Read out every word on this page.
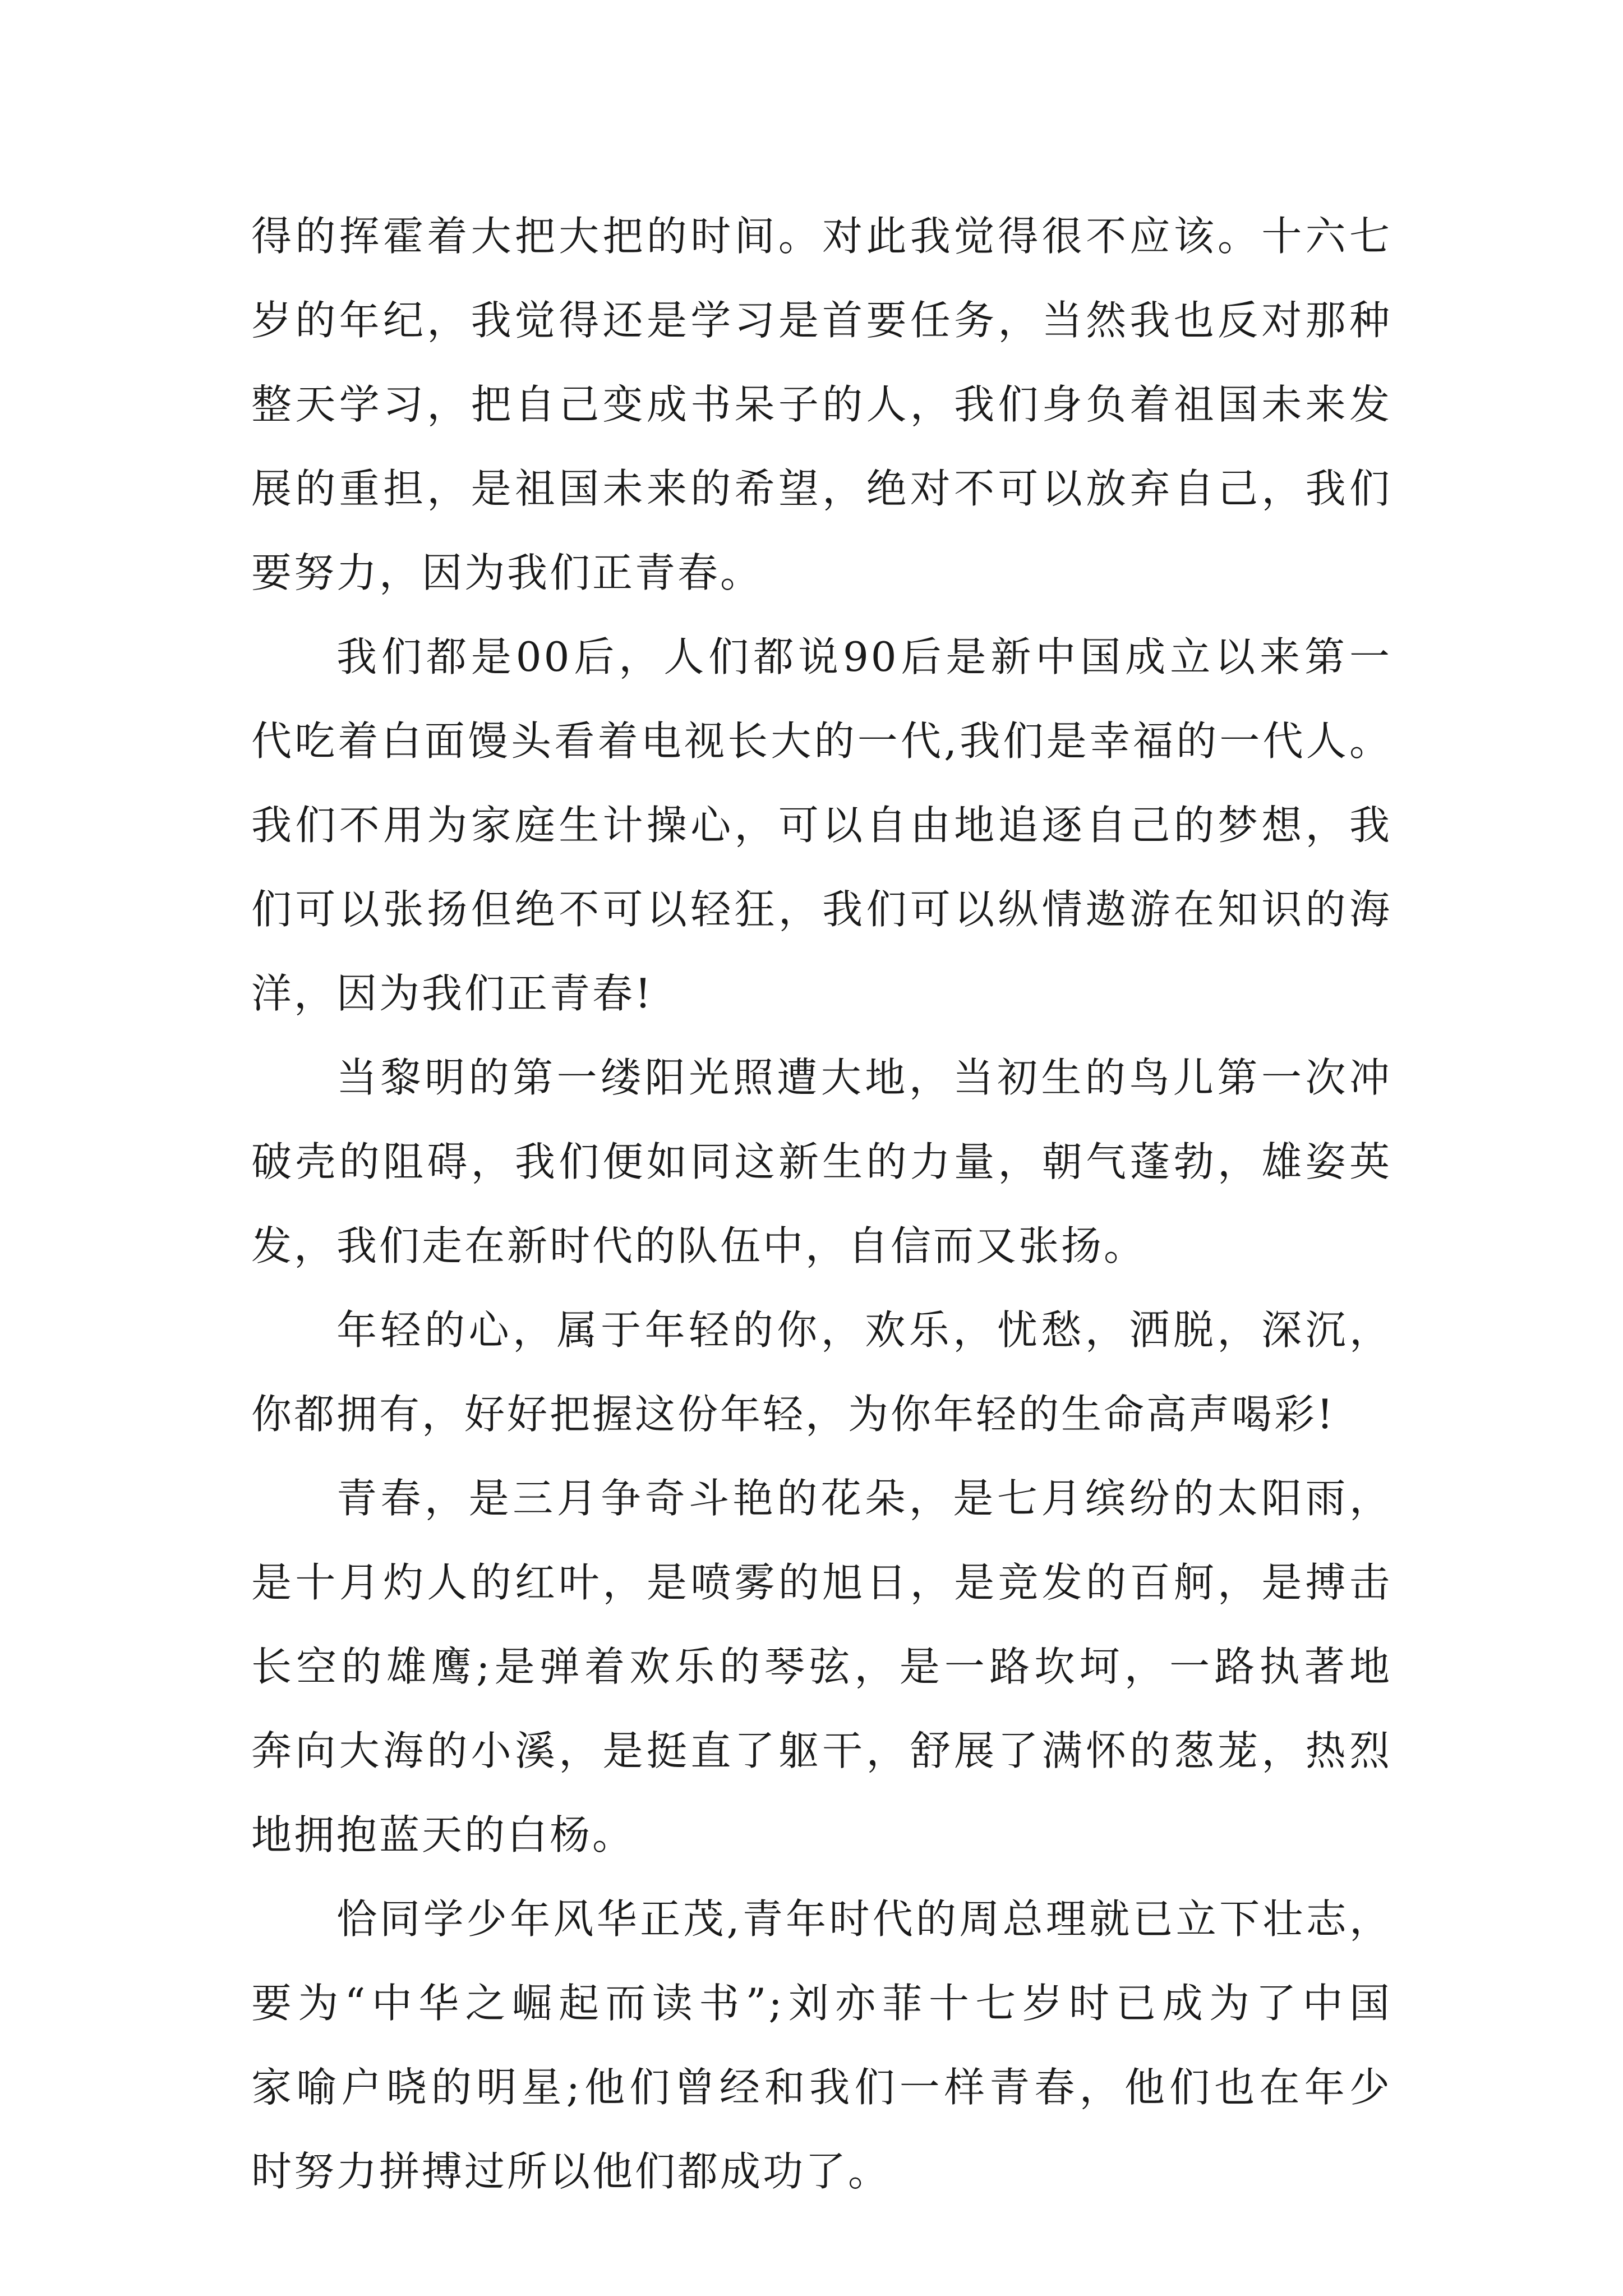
得的挥霍着大把大把的时间。对此我觉得很不应该。十六七
岁的年纪，我觉得还是学习是首要任务，当然我也反对那种
整天学习，把自己变成书呆子的人，我们身负着祖国未来发
展的重担，是祖国未来的希望，绝对不可以放弃自己，我们
要努力，因为我们正青春。
我们都是00后，人们都说90后是新中国成立以来第一
代吃着白面馒头看着电视长大的一代,我们是幸福的一代人。
我们不用为家庭生计操心，可以自由地追逐自己的梦想，我
们可以张扬但绝不可以轻狂，我们可以纵情遨游在知识的海
洋，因为我们正青春!
当黎明的第一缕阳光照遭大地，当初生的鸟儿第一次冲
破壳的阻碍，我们便如同这新生的力量，朝气蓬勃，雄姿英
发，我们走在新时代的队伍中，自信而又张扬。
年轻的心，属于年轻的你，欢乐，忧愁，洒脱，深沉，
你都拥有，好好把握这份年轻，为你年轻的生命高声喝彩!
青春，是三月争奇斗艳的花朵，是七月缤纷的太阳雨，
是十月灼人的红叶，是喷雾的旭日，是竞发的百舸，是搏击
长空的雄鹰;是弹着欢乐的琴弦，是一路坎坷，一路执著地
奔向大海的小溪，是挺直了躯干，舒展了满怀的葱茏，热烈
地拥抱蓝天的白杨。
恰同学少年风华正茂,青年时代的周总理就已立下壮志，
要为“中华之崛起而读书”;刘亦菲十七岁时已成为了中国
家喻户晓的明星;他们曾经和我们一样青春，他们也在年少
时努力拼搏过所以他们都成功了。
